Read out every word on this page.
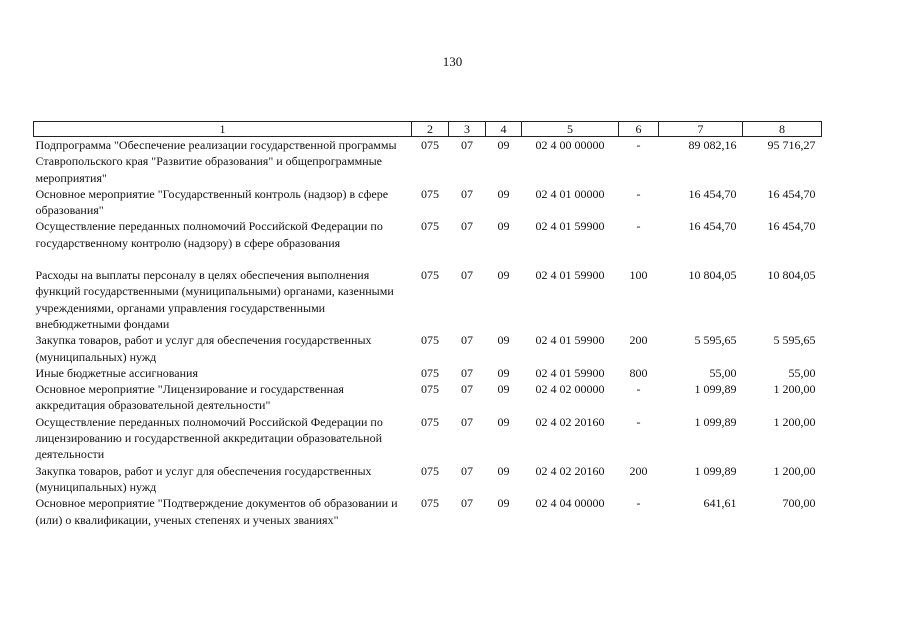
130
1	2	3	4	5	6	7	8
Подпрограмма "Обеспечение реализации государственной программы Ставропольского края "Развитие образования" и общепрограммные мероприятия"	075	07	09	02 4 00 00000	-	89 082,16	95 716,27
Основное мероприятие "Государственный контроль (надзор) в сфере образования"	075	07	09	02 4 01 00000	-	16 454,70	16 454,70
Осуществление переданных полномочий Российской Федерации по государственному контролю (надзору) в сфере образования	075	07	09	02 4 01 59900	-	16 454,70	16 454,70
Расходы на выплаты персоналу в целях обеспечения выполнения функций государственными (муниципальными) органами, казенными учреждениями, органами управления государственными внебюджетными фондами	075	07	09	02 4 01 59900	100	10 804,05	10 804,05
Закупка товаров, работ и услуг для обеспечения государственных (муниципальных) нужд	075	07	09	02 4 01 59900	200	5 595,65	5 595,65
Иные бюджетные ассигнования	075	07	09	02 4 01 59900	800	55,00	55,00
Основное мероприятие "Лицензирование и государственная аккредитация образовательной деятельности"	075	07	09	02 4 02 00000	-	1 099,89	1 200,00
Осуществление переданных полномочий Российской Федерации по лицензированию и государственной аккредитации образовательной деятельности	075	07	09	02 4 02 20160	-	1 099,89	1 200,00
Закупка товаров, работ и услуг для обеспечения государственных (муниципальных) нужд	075	07	09	02 4 02 20160	200	1 099,89	1 200,00
Основное мероприятие "Подтверждение документов об образовании и (или) о квалификации, ученых степенях и ученых званиях"	075	07	09	02 4 04 00000	-	641,61	700,00
